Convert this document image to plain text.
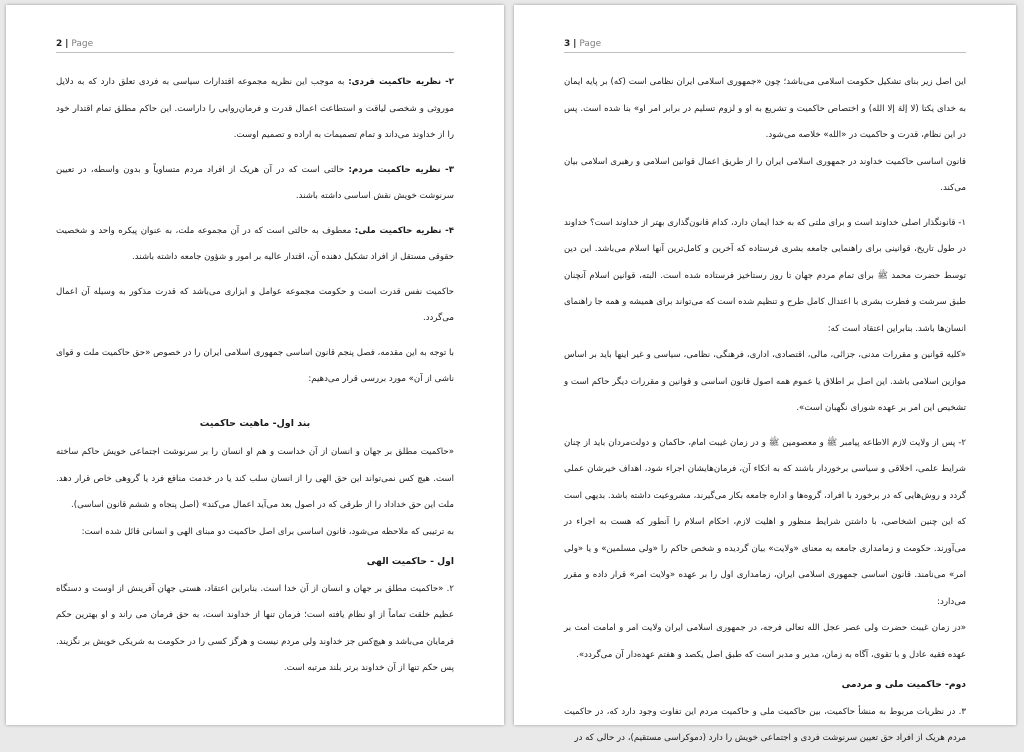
2 | Page

۲- نظریه حاکمیت فردی: به موجب این نظریه مجموعه اقتدارات سیاسی به فردی تعلق دارد که به دلایل موروثی و شخصی لیاقت و استطاعت اعمال قدرت و فرمان‌روایی را داراست. این حاکم مطلق تمام اقتدار خود را از خداوند می‌داند و تمام تصمیمات به اراده و تصمیم اوست.

۳- نظریه حاکمیت مردم: حالتی است که در آن هریک از افراد مردم متساویاً و بدون واسطه، در تعیین سرنوشت خویش نقش اساسی داشته باشند.

۴- نظریه حاکمیت ملی: معطوف به حالتی است که در آن مجموعه ملت، به عنوان پیکره واحد و شخصیت حقوقی مستقل از افراد تشکیل دهنده آن، اقتدار عالیه بر امور و شؤون جامعه داشته باشند.

حاکمیت نفس قدرت است و حکومت مجموعه عوامل و ابزاری می‌باشد که قدرت مذکور به وسیله آن اعمال می‌گردد.

با توجه به این مقدمه، فصل پنجم قانون اساسی جمهوری اسلامی ایران را در خصوص «حق حاکمیت ملت و قوای ناشی از آن» مورد بررسی قرار می‌دهیم:

بند اول- ماهیت حاکمیت

«حاکمیت مطلق بر جهان و انسان از آن خداست و هم او انسان را بر سرنوشت اجتماعی خویش حاکم ساخته است. هیچ کس نمی‌تواند این حق الهی را از انسان سلب کند یا در خدمت منافع فرد یا گروهی خاص قرار دهد. ملت این حق خداداد را از طرقی که در اصول بعد می‌آید اعمال می‌کند» (اصل پنجاه و ششم قانون اساسی).

به ترتیبی که ملاحظه می‌شود، قانون اساسی برای اصل حاکمیت دو مبنای الهی و انسانی قائل شده است:

اول - حاکمیت الهی

۲. «حاکمیت مطلق بر جهان و انسان از آن خدا است. بنابراین اعتقاد، هستی جهان آفرینش از اوست و دستگاه عظیم خلقت تماماً از او نظام یافته است؛ فرمان تنها از خداوند است، به حق فرمان می راند و او بهترین حکم فرمایان می‌باشد و هیچ‌کس جز خداوند ولی مردم نیست و هرگز کسی را در حکومت به شریکی خویش بر نگزیند. پس حکم تنها از آن خداوند برتر بلند مرتبه است.

3 | Page

این اصل زیر بنای تشکیل حکومت اسلامی می‌باشد؛ چون «جمهوری اسلامی ایران نظامی است (که) بر پایه ایمان به خدای یکتا (لا إلهَ إلا الله) و اختصاص حاکمیت و تشریع به او و لزوم تسلیم در برابر امر او» بنا شده است. پس در این نظام، قدرت و حاکمیت در «الله» خلاصه می‌شود.

قانون اساسی حاکمیت خداوند در جمهوری اسلامی ایران را از طریق اعمال قوانین اسلامی و رهبری اسلامی بیان می‌کند.

۱- قانونگذار اصلی خداوند است و برای ملتی که به خدا ایمان دارد، کدام قانون‌گذاری بهتر از خداوند است؟ خداوند در طول تاریخ، قوانینی برای راهنمایی جامعه بشری فرستاده که آخرین و کامل‌ترین آنها اسلام می‌باشد. این دین توسط حضرت محمد ﷺ برای تمام مردم جهان تا روز رستاخیز فرستاده شده است. البته، قوانین اسلام آنچنان طبق سرشت و فطرت بشری با اعتدال کامل طرح و تنظیم شده است که می‌تواند برای همیشه و همه جا راهنمای انسان‌ها باشد. بنابراین اعتقاد است که:

«کلیه قوانین و مقررات مدنی، جزائی، مالی، اقتصادی، اداری، فرهنگی، نظامی، سیاسی و غیر اینها باید بر اساس موازین اسلامی باشد. این اصل بر اطلاق یا عموم همه اصول قانون اساسی و قوانین و مقررات دیگر حاکم است و تشخیص این امر بر عهده شورای نگهبان است».

۲- پس از ولایت لازم الاطاعه پیامبر ﷺ و معصومین ﷺ و در زمان غیبت امام، حاکمان و دولت‌مردان باید از چنان شرایط علمی، اخلاقی و سیاسی برخوردار باشند که به اتکاء آن، فرمان‌هایشان اجراء شود، اهداف خیرشان عملی گردد و روش‌هایی که در برخورد با افراد، گروه‌ها و اداره جامعه بکار می‌گیرند، مشروعیت داشته باشد. بدیهی است که این چنین اشخاصی، با داشتن شرایط منظور و اهلیت لازم، احکام اسلام را آنطور که هست به اجراء در می‌آورند. حکومت و زمامداری جامعه به معنای «ولایت» بیان گردیده و شخص حاکم را «ولی مسلمین» و یا «ولی امر» می‌نامند. قانون اساسی جمهوری اسلامی ایران، زمامداری اول را بر عهده «ولایت امر» قرار داده و مقرر می‌دارد:

«در زمان غیبت حضرت ولی عصر عجل الله تعالی فرجه، در جمهوری اسلامی ایران ولایت امر و امامت امت بر عهده فقیه عادل و با تقوی، آگاه به زمان، مدیر و مدبر است که طبق اصل یکصد و هفتم عهده‌دار آن می‌گردد».

دوم- حاکمیت ملی و مردمی

۳. در نظریات مربوط به منشأ حاکمیت، بین حاکمیت ملی و حاکمیت مردم این تفاوت وجود دارد که، در حاکمیت مردم هریک از افراد حق تعیین سرنوشت فردی و اجتماعی خویش را دارد (دموکراسی مستقیم)، در حالی که در
